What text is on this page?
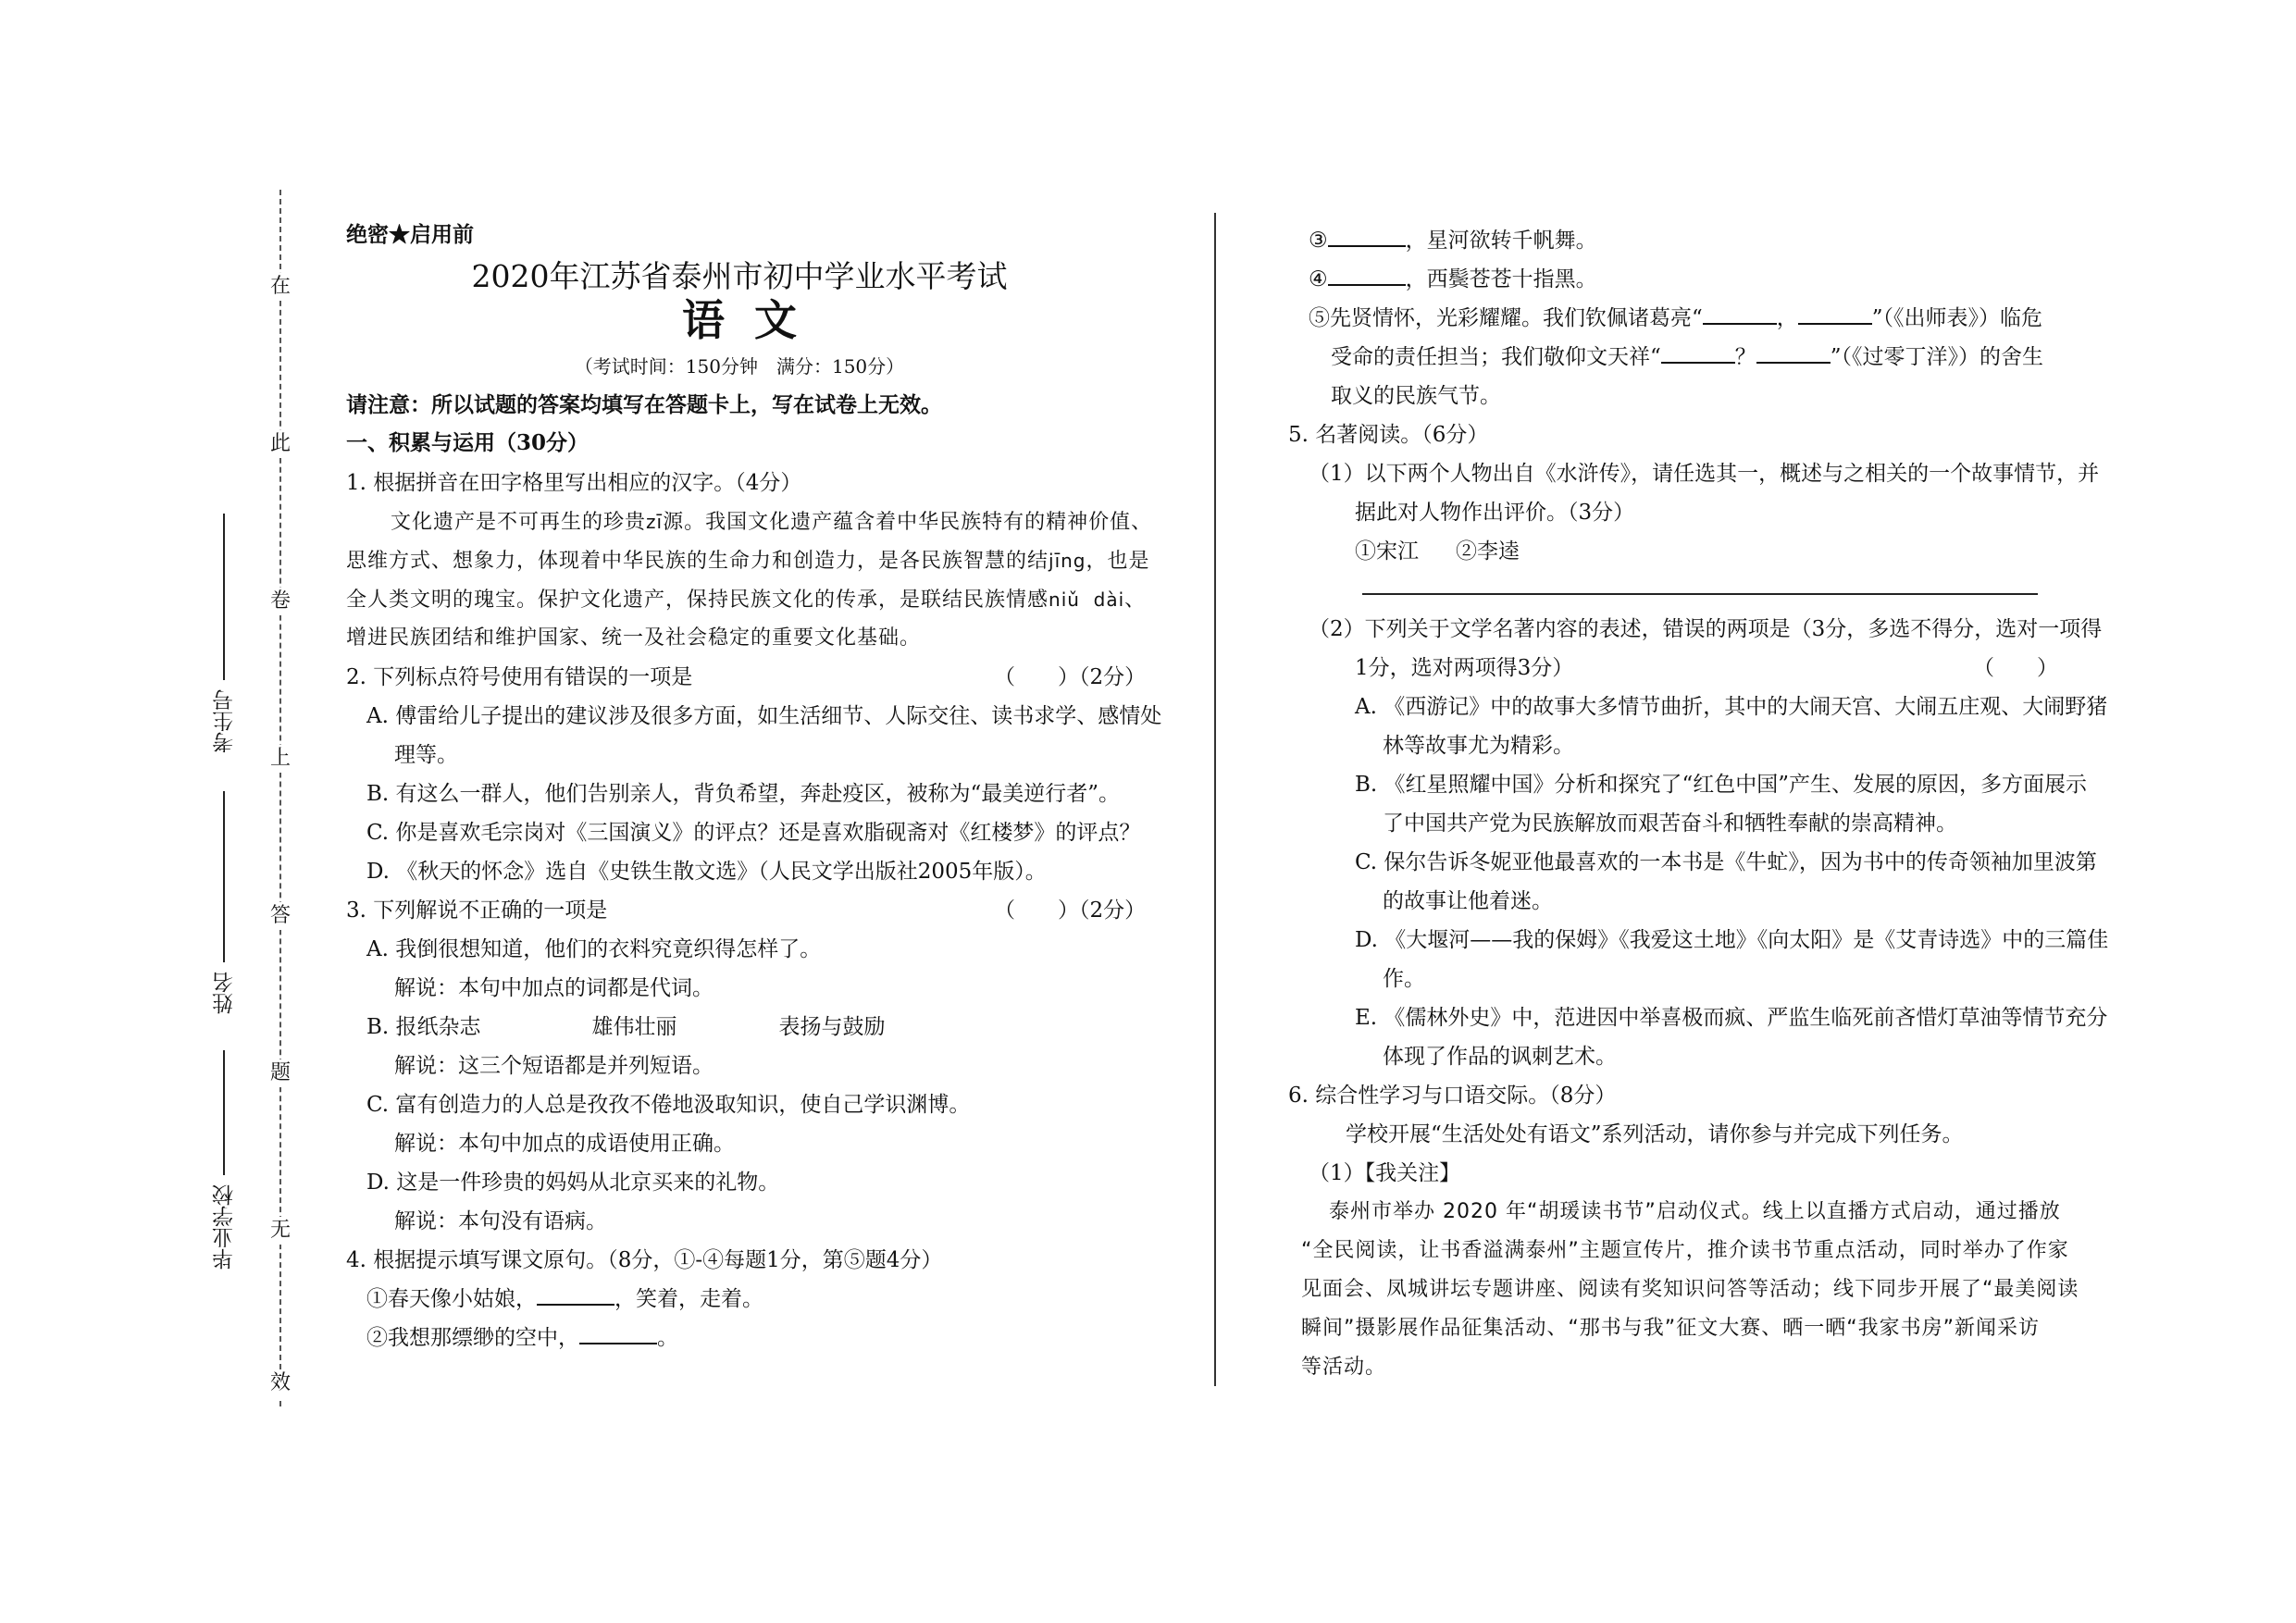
在
此
卷
上
答
题
无
效
考生号
姓名
毕业学校
绝密★启用前
2020年江苏省泰州市初中学业水平考试
语  文
（考试时间：150分钟　满分：150分）
请注意：所以试题的答案均填写在答题卡上，写在试卷上无效。
一、积累与运用（30分）
1. 根据拼音在田字格里写出相应的汉字。（4分）
文化遗产是不可再生的珍贵zī源。我国文化遗产蕴含着中华民族特有的精神价值、
思维方式、想象力，体现着中华民族的生命力和创造力，是各民族智慧的结jīng，也是
全人类文明的瑰宝。保护文化遗产，保持民族文化的传承，是联结民族情感niǔ  dài、
增进民族团结和维护国家、统一及社会稳定的重要文化基础。
2. 下列标点符号使用有错误的一项是	（　　）（2分）
A. 傅雷给儿子提出的建议涉及很多方面，如生活细节、人际交往、读书求学、感情处
理等。
B. 有这么一群人，他们告别亲人，背负希望，奔赴疫区，被称为“最美逆行者”。
C. 你是喜欢毛宗岗对《三国演义》的评点？还是喜欢脂砚斋对《红楼梦》的评点？
D. 《秋天的怀念》选自《史铁生散文选》（人民文学出版社2005年版）。
3. 下列解说不正确的一项是	（　　）（2分）
A. 我倒很想知道，他们的衣料究竟织得怎样了。
解说：本句中加点的词都是代词。
B. 报纸杂志	雄伟壮丽	表扬与鼓励
解说：这三个短语都是并列短语。
C. 富有创造力的人总是孜孜不倦地汲取知识，使自己学识渊博。
解说：本句中加点的成语使用正确。
D. 这是一件珍贵的妈妈从北京买来的礼物。
解说：本句没有语病。
4. 根据提示填写课文原句。（8分，①-④每题1分，第⑤题4分）
①春天像小姑娘，	，笑着，走着。
②我想那缥缈的空中，	。
③	，星河欲转千帆舞。
④	，西鬓苍苍十指黑。
⑤先贤情怀，光彩耀耀。我们钦佩诸葛亮“	，	”（《出师表》）临危
受命的责任担当；我们敬仰文天祥“	？	”（《过零丁洋》）的舍生
取义的民族气节。
5. 名著阅读。（6分）
（1）以下两个人物出自《水浒传》，请任选其一，概述与之相关的一个故事情节，并
据此对人物作出评价。（3分）
①宋江 ②李逵
（2）下列关于文学名著内容的表述，错误的两项是（3分，多选不得分，选对一项得
1分，选对两项得3分）	（　　）
A. 《西游记》中的故事大多情节曲折，其中的大闹天宫、大闹五庄观、大闹野猪
林等故事尤为精彩。
B. 《红星照耀中国》分析和探究了“红色中国”产生、发展的原因，多方面展示
了中国共产党为民族解放而艰苦奋斗和牺牲奉献的崇高精神。
C. 保尔告诉冬妮亚他最喜欢的一本书是《牛虻》，因为书中的传奇领袖加里波第
的故事让他着迷。
D. 《大堰河——我的保姆》《我爱这土地》《向太阳》是《艾青诗选》中的三篇佳
作。
E. 《儒林外史》中，范进因中举喜极而疯、严监生临死前吝惜灯草油等情节充分
体现了作品的讽刺艺术。
6. 综合性学习与口语交际。（8分）
学校开展“生活处处有语文”系列活动，请你参与并完成下列任务。
（1）【我关注】
泰州市举办 2020 年“胡瑗读书节”启动仪式。线上以直播方式启动，通过播放
“全民阅读，让书香溢满泰州”主题宣传片，推介读书节重点活动，同时举办了作家
见面会、凤城讲坛专题讲座、阅读有奖知识问答等活动；线下同步开展了“最美阅读
瞬间”摄影展作品征集活动、“那书与我”征文大赛、晒一晒“我家书房”新闻采访
等活动。
